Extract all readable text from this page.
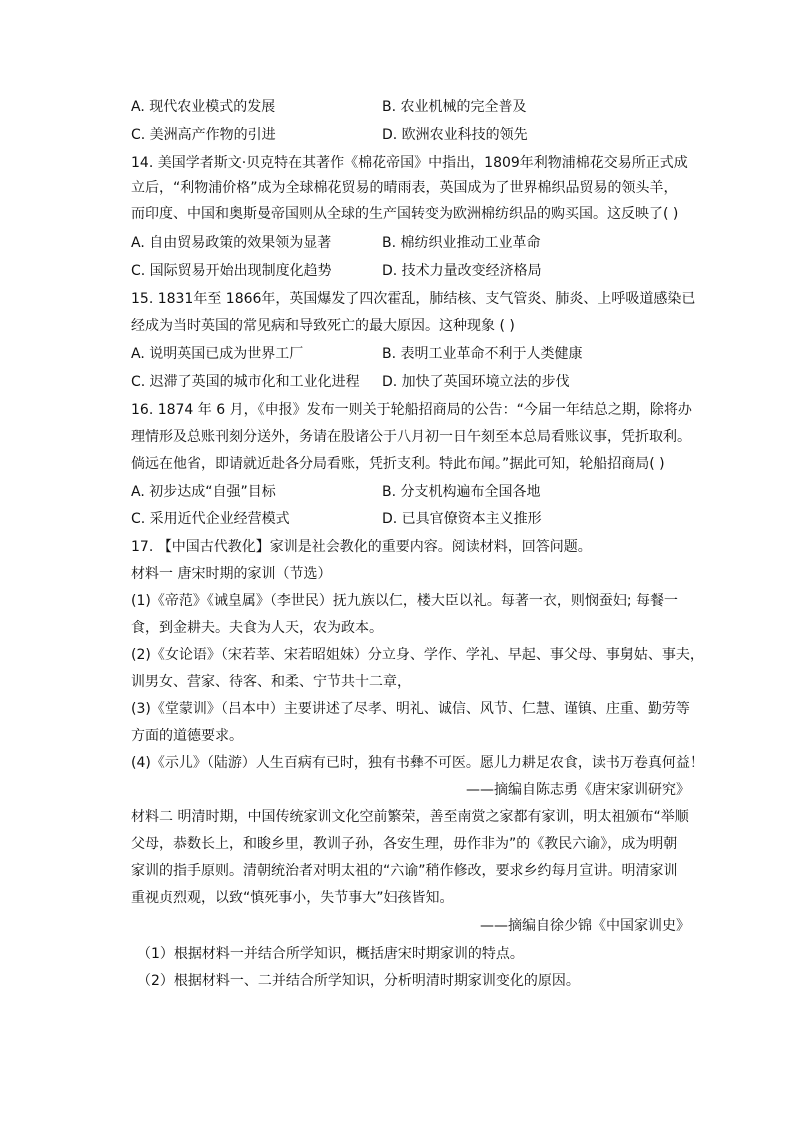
A. 现代农业模式的发展	B. 农业机械的完全普及
C. 美洲高产作物的引进	D. 欧洲农业科技的领先
14. 美国学者斯文·贝克特在其著作《棉花帝国》中指出，1809年利物浦棉花交易所正式成
立后，“利物浦价格”成为全球棉花贸易的晴雨表，英国成为了世界棉织品贸易的领头羊，
而印度、中国和奥斯曼帝国则从全球的生产国转变为欧洲棉纺织品的购买国。这反映了( )
A. 自由贸易政策的效果领为显著	B. 棉纺织业推动工业革命
C. 国际贸易开始出现制度化趋势	D. 技术力量改变经济格局
15. 1831年至 1866年，英国爆发了四次霍乱，肺结核、支气管炎、肺炎、上呼吸道感染已
经成为当时英国的常见病和导致死亡的最大原因。这种现象 ( )
A. 说明英国已成为世界工厂	B. 表明工业革命不利于人类健康
C. 迟滞了英国的城市化和工业化进程 D. 加快了英国环境立法的步伐
16. 1874 年 6 月，《申报》发布一则关于轮船招商局的公告：“今届一年结总之期，除将办
理情形及总账刊刻分送外，务请在股诸公于八月初一日午刻至本总局看账议事，凭折取利。
倘远在他省，即请就近赴各分局看账，凭折支利。特此布闻。”据此可知，轮船招商局( )
A. 初步达成“自强”目标	B. 分支机构遍布全国各地
C. 采用近代企业经营模式	D. 已具官僚资本主义推形
17. 【中国古代教化】家训是社会教化的重要内容。阅读材料，回答问题。
材料一 唐宋时期的家训（节选）
(1)《帝范》《诫皇属》（李世民）抚九族以仁，楼大臣以礼。每著一衣，则悯蚕妇; 每餐一
食，到金耕夫。夫食为人天，农为政本。
(2)《女论语》（宋若莘、宋若昭姐妹）分立身、学作、学礼、早起、事父母、事舅姑、事夫，
训男女、营家、待客、和柔、宁节共十二章，
(3)《堂蒙训》（吕本中）主要讲述了尽孝、明礼、诚信、风节、仁慧、谨镇、庄重、勤劳等
方面的道德要求。
(4)《示儿》（陆游）人生百病有已时，独有书彝不可医。愿儿力耕足农食，读书万卷真何益！
——摘编自陈志勇《唐宋家训研究》
材料二 明清时期，中国传统家训文化空前繁荣，善至南赏之家都有家训，明太祖颁布“举顺
父母，恭数长上，和睃乡里，教训子孙，各安生理，毋作非为”的《教民六谕》，成为明朝
家训的指手原则。清朝统治者对明太祖的“六谕”稍作修改，要求乡约每月宣讲。明清家训
重视贞烈观，以致“慎死事小，失节事大”妇孩皆知。
——摘编自徐少锦《中国家训史》
（1）根据材料一并结合所学知识，概括唐宋时期家训的特点。
（2）根据材料一、二并结合所学知识，分析明清时期家训变化的原因。
